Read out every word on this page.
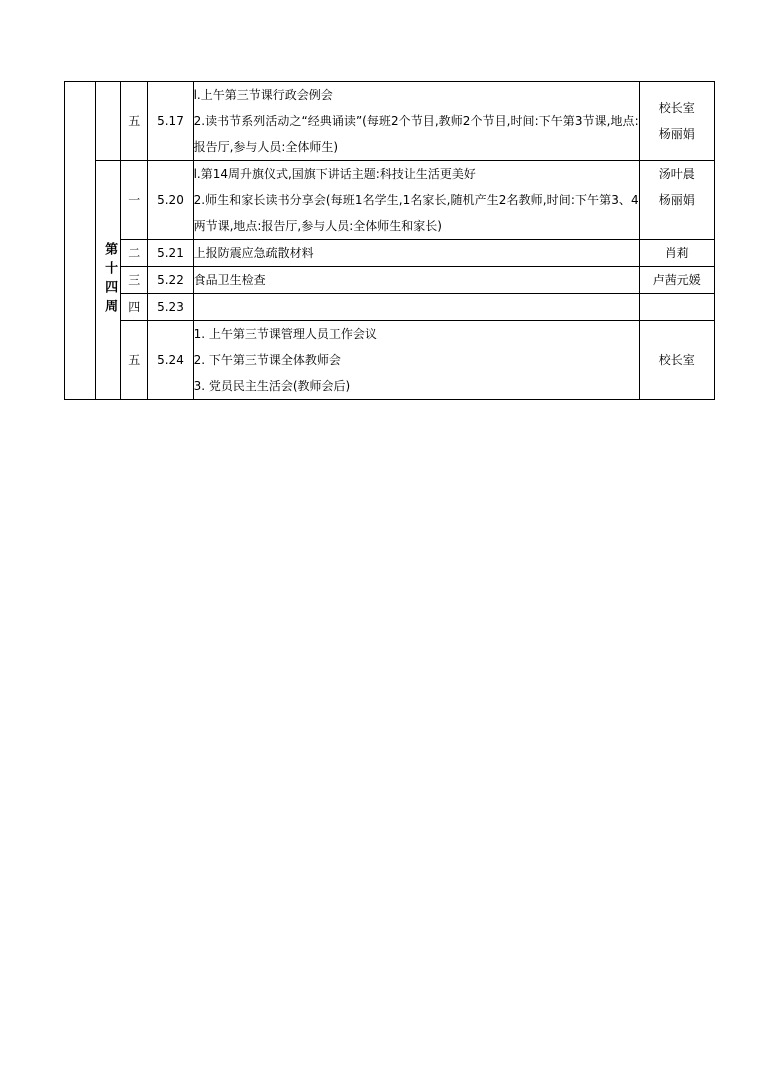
		五	5.17	l.上午第三节课行政会例会
2.读书节系列活动之“经典诵读”(每班2个节目,教师2个节目,时间:下午第3节课,地点:报告厅,参与人员:全体师生)	校长室
杨丽娟

	第十四周	一	5.20	l.第14周升旗仪式,国旗下讲话主题:科技让生活更美好
2.师生和家长读书分享会(每班1名学生,1名家长,随机产生2名教师,时间:下午第3、4两节课,地点:报告厅,参与人员:全体师生和家长)	汤叶晨
杨丽娟

		二	5.21	上报防震应急疏散材料	肖莉

		三	5.22	食品卫生检查	卢茜元媛

		四	5.23		
		五	5.24	1. 上午第三节课管理人员工作会议
2. 下午第三节课全体教师会
3. 党员民主生活会(教师会后)	校长室
